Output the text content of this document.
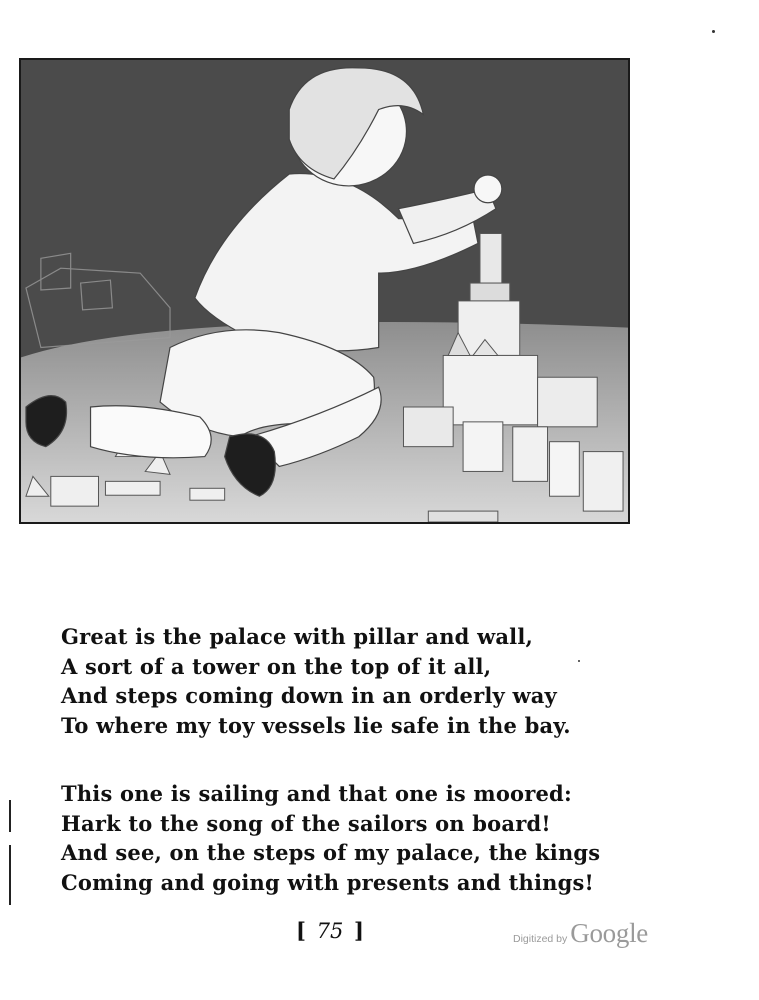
Great is the palace with pillar and wall,
A sort of a tower on the top of it all,
And steps coming down in an orderly way
To where my toy vessels lie safe in the bay.
This one is sailing and that one is moored:
Hark to the song of the sailors on board!
And see, on the steps of my palace, the kings
Coming and going with presents and things!
[ 75 ]	Digitized by Google
